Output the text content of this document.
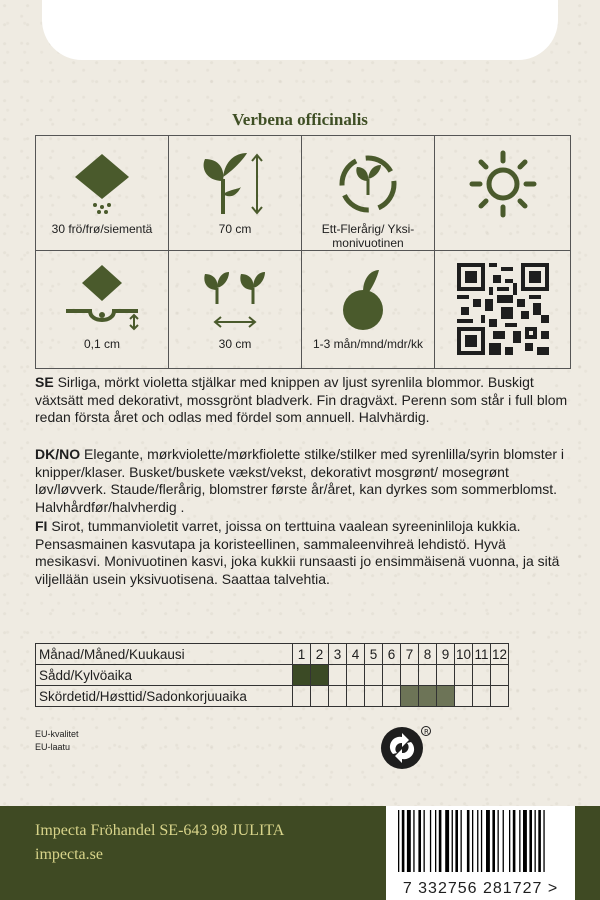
Verbena officinalis
30 frö/frø/siementä	70 cm	Ett-Flerårig/ Yksi-monivuotinen
0,1 cm	30 cm	1-3 mån/mnd/mdr/kk
SE Sirliga, mörkt violetta stjälkar med knippen av ljust syrenlila blommor. Buskigt växtsätt med dekorativt, mossgrönt bladverk. Fin dragväxt. Perenn som står i full blom redan första året och odlas med fördel som annuell. Halvhärdig.
DK/NO Elegante, mørkviolette/mørkfiolette stilke/stilker med syrenlilla/syrin blomster i knipper/klaser. Busket/buskete vækst/vekst, dekorativt mosgrønt/ mosegrønt løv/løvverk. Staude/flerårig, blomstrer første år/året, kan dyrkes som sommerblomst. Halvhårdfør/halvherdig .
FI Sirot, tummanvioletit varret, joissa on terttuina vaalean syreeninliloja kukkia. Pensasmainen kasvutapa ja koristeellinen, sammaleenvihreä lehdistö. Hyvä mesikasvi. Monivuotinen kasvi, joka kukkii runsaasti jo ensimmäisenä vuonna, ja sitä viljellään usein yksivuotisena. Saattaa talvehtia.
Månad/Måned/Kuukausi	1	2	3	4	5	6	7	8	9	10	11	12
Sådd/Kylvöaika												
Skördetid/Høsttid/Sadonkorjuuaika												
EU-kvalitet
EU-laatu
R
Impecta Fröhandel SE-643 98 JULITA
impecta.se
7 332756 281727 >
